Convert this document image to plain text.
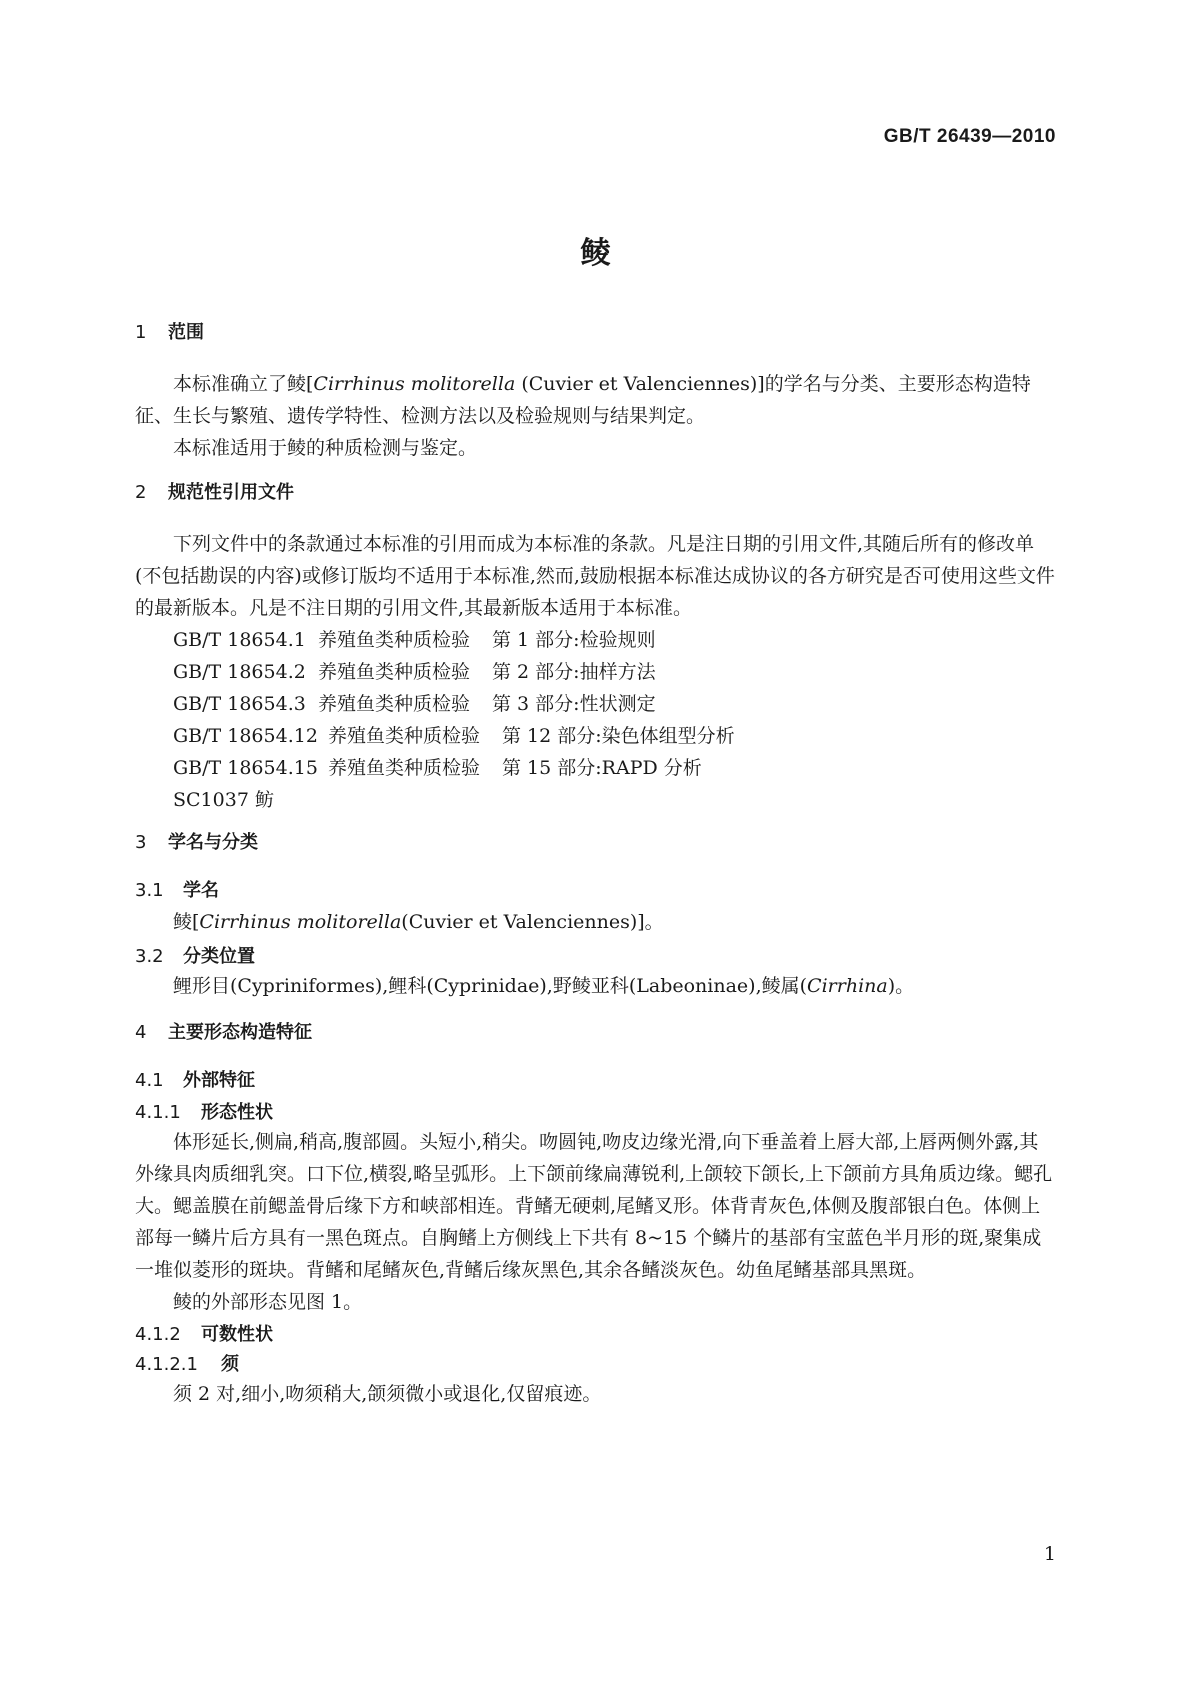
GB/T 26439—2010
鲮
1 范围

本标准确立了鲮[Cirrhinus molitorella (Cuvier et Valenciennes)]的学名与分类、主要形态构造特征、生长与繁殖、遗传学特性、检测方法以及检验规则与结果判定。

本标准适用于鲮的种质检测与鉴定。

2 规范性引用文件

下列文件中的条款通过本标准的引用而成为本标准的条款。凡是注日期的引用文件,其随后所有的修改单(不包括勘误的内容)或修订版均不适用于本标准,然而,鼓励根据本标准达成协议的各方研究是否可使用这些文件的最新版本。凡是不注日期的引用文件,其最新版本适用于本标准。

GB/T 18654.1 养殖鱼类种质检验 第 1 部分:检验规则
GB/T 18654.2 养殖鱼类种质检验 第 2 部分:抽样方法
GB/T 18654.3 养殖鱼类种质检验 第 3 部分:性状测定
GB/T 18654.12 养殖鱼类种质检验 第 12 部分:染色体组型分析
GB/T 18654.15 养殖鱼类种质检验 第 15 部分:RAPD 分析
SC1037 鲂
3 学名与分类
3.1 学名

鲮[Cirrhinus molitorella(Cuvier et Valenciennes)]。

3.2 分类位置

鲤形目(Cypriniformes),鲤科(Cyprinidae),野鲮亚科(Labeoninae),鲮属(Cirrhina)。

4 主要形态构造特征
4.1 外部特征
4.1.1 形态性状

体形延长,侧扁,稍高,腹部圆。头短小,稍尖。吻圆钝,吻皮边缘光滑,向下垂盖着上唇大部,上唇两侧外露,其外缘具肉质细乳突。口下位,横裂,略呈弧形。上下颌前缘扁薄锐利,上颌较下颌长,上下颌前方具角质边缘。鳃孔大。鳃盖膜在前鳃盖骨后缘下方和峡部相连。背鳍无硬刺,尾鳍叉形。体背青灰色,体侧及腹部银白色。体侧上部每一鳞片后方具有一黑色斑点。自胸鳍上方侧线上下共有 8~15 个鳞片的基部有宝蓝色半月形的斑,聚集成一堆似菱形的斑块。背鳍和尾鳍灰色,背鳍后缘灰黑色,其余各鳍淡灰色。幼鱼尾鳍基部具黑斑。

鲮的外部形态见图 1。

4.1.2 可数性状
4.1.2.1 须

须 2 对,细小,吻须稍大,颌须微小或退化,仅留痕迹。

1
